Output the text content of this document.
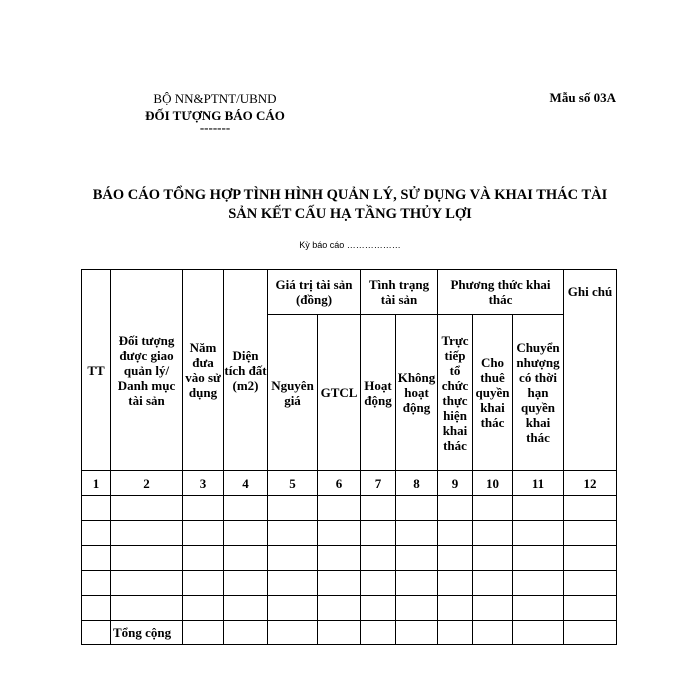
BỘ NN&PTNT/UBND
ĐỐI TƯỢNG BÁO CÁO
-------
Mẫu số 03A
BÁO CÁO TỔNG HỢP TÌNH HÌNH QUẢN LÝ, SỬ DỤNG VÀ KHAI THÁC TÀI
SẢN KẾT CẤU HẠ TẦNG THỦY LỢI
Kỳ báo cáo ………………
TT	Đối tượng được giao quản lý/ Danh mục tài sản	Năm đưa vào sử dụng	Diện tích đất (m2)	Giá trị tài sản (đồng)		Tình trạng tài sản		Phương thức khai thác			Ghi chú
				Nguyên giá	GTCL	Hoạt động	Không hoạt động	Trực tiếp tổ chức thực hiện khai thác	Cho thuê quyền khai thác	Chuyển nhượng có thời hạn quyền khai thác	
1	2	3	4	5	6	7	8	9	10	11	12

	Tổng cộng										
